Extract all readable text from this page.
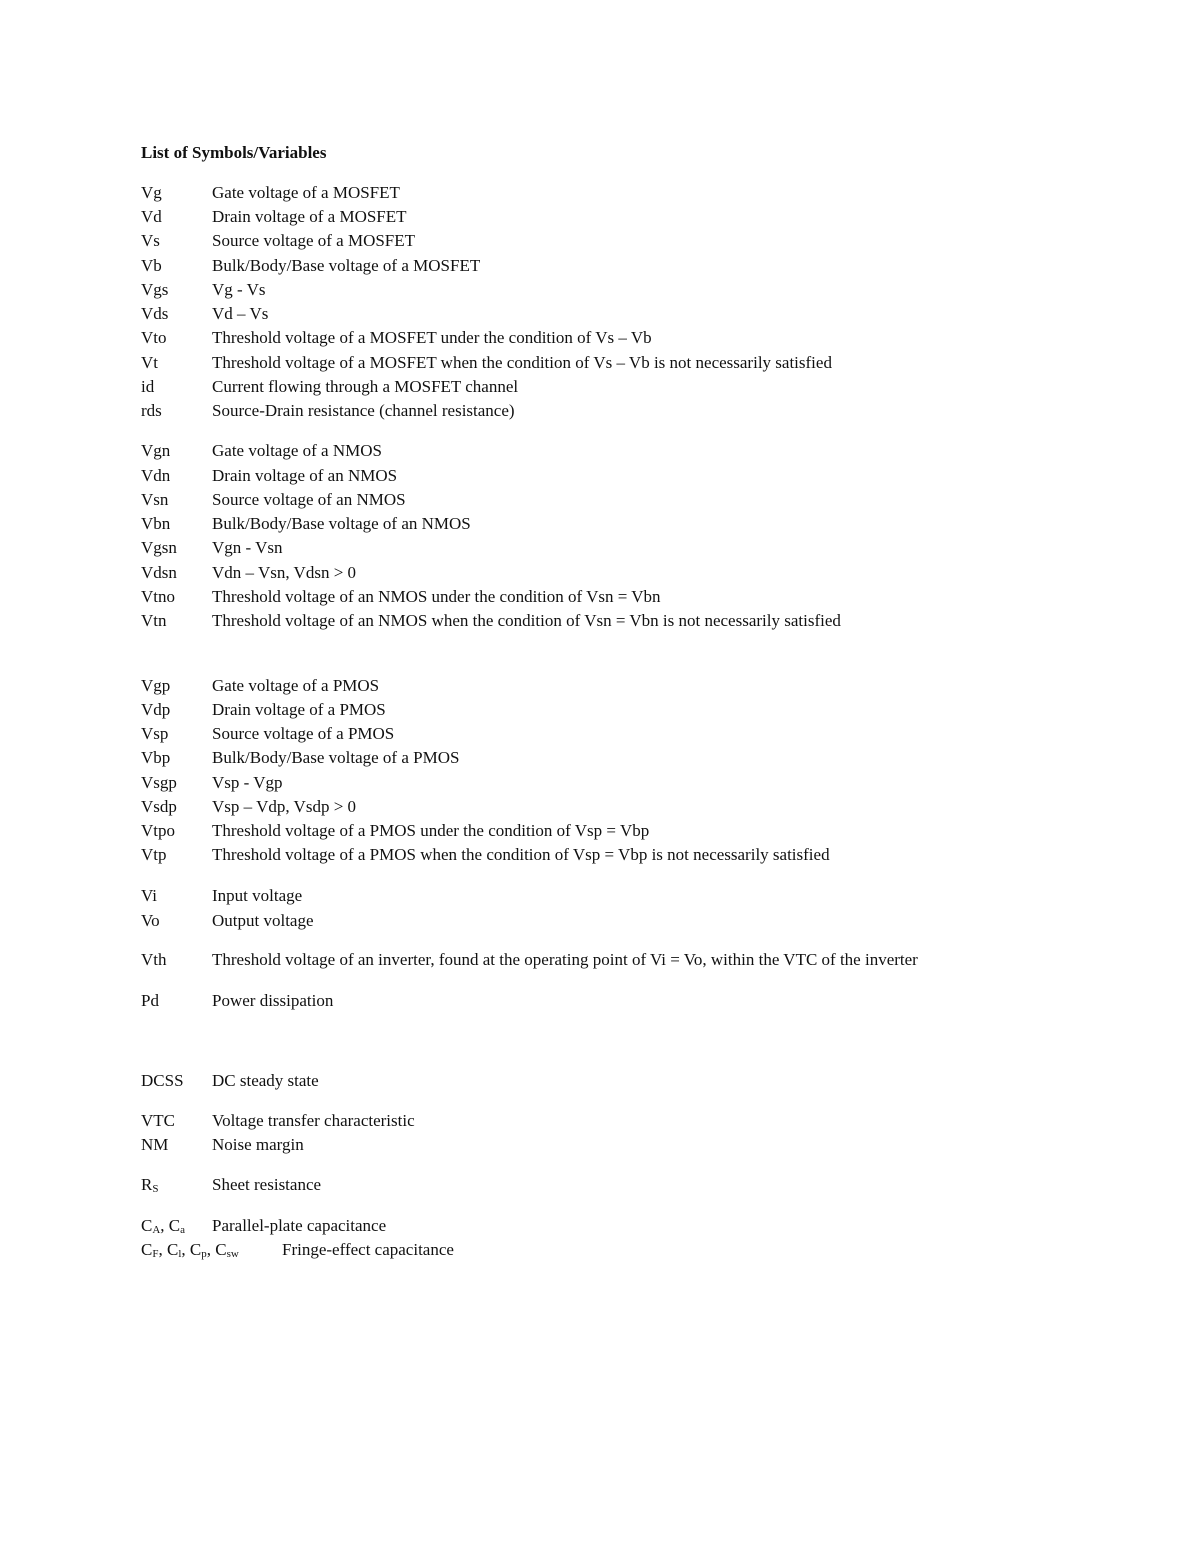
List of Symbols/Variables
Vg	Gate voltage of a MOSFET
Vd	Drain voltage of a MOSFET
Vs	Source voltage of a MOSFET
Vb	Bulk/Body/Base voltage of a MOSFET
Vgs	Vg - Vs
Vds	Vd – Vs
Vto	Threshold voltage of a MOSFET under the condition of Vs – Vb
Vt	Threshold voltage of a MOSFET when the condition of Vs – Vb is not necessarily satisfied
id	Current flowing through a MOSFET channel
rds	Source-Drain resistance (channel resistance)
Vgn Gate voltage of a NMOS
Vdn Drain voltage of an NMOS
Vsn	Source voltage of an NMOS
Vbn Bulk/Body/Base voltage of an NMOS
Vgsn Vgn - Vsn
Vdsn Vdn – Vsn, Vdsn > 0
Vtno Threshold voltage of an NMOS under the condition of Vsn = Vbn
Vtn	Threshold voltage of an NMOS when the condition of Vsn = Vbn is not necessarily satisfied
Vgp Gate voltage of a PMOS
Vdp Drain voltage of a PMOS
Vsp	Source voltage of a PMOS
Vbp Bulk/Body/Base voltage of a PMOS
Vsgp Vsp - Vgp
Vsdp Vsp – Vdp, Vsdp > 0
Vtpo Threshold voltage of a PMOS under the condition of Vsp = Vbp
Vtp	Threshold voltage of a PMOS when the condition of Vsp = Vbp is not necessarily satisfied
Vi	Input voltage
Vo	Output voltage
Vth	Threshold voltage of an inverter, found at the operating point of Vi = Vo, within the VTC of the inverter
Pd	Power dissipation
DCSS DC steady state
VTC Voltage transfer characteristic
NM	Noise margin
$R_S$	Sheet resistance
$C_A$, $C_a$ Parallel-plate capacitance
$C_F$, $C_l$, $C_p$, $C_{sw}$	Fringe-effect capacitance
